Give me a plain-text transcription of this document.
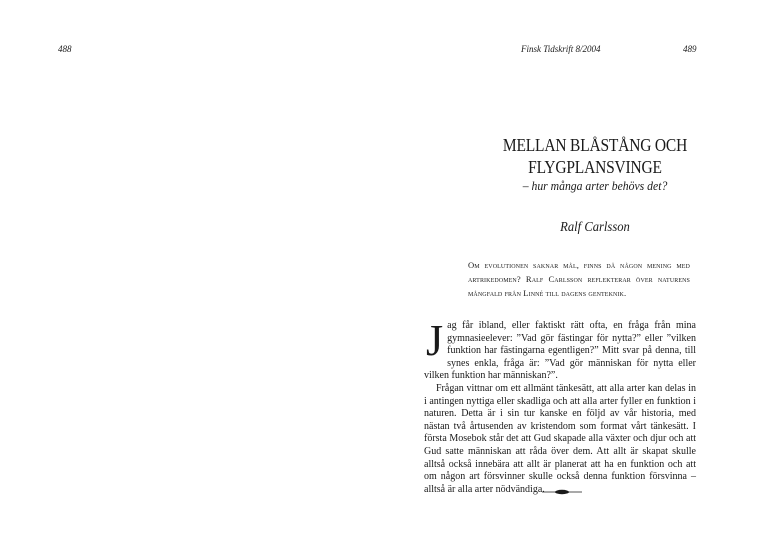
488	Finsk Tidskrift 8/2004	489
MELLAN BLÅSTÅNG OCH
FLYGPLANSVINGE
– hur många arter behövs det?
Ralf Carlsson
Om evolutionen saknar mål, finns då någon mening med artrikedomen? Ralf Carlsson reflekterar över naturens mångfald från Linné till dagens genteknik.

Jag får ibland, eller faktiskt rätt ofta, en fråga från mina gymnasieelever: ”Vad gör fästingar för nytta?” eller ”vilken funktion har fästingarna egentligen?” Mitt svar på denna, till synes enkla, fråga är: ”Vad gör människan för nytta eller vilken funktion har människan?”.

Frågan vittnar om ett allmänt tänkesätt, att alla arter kan delas in i antingen nyttiga eller skadliga och att alla arter fyller en funktion i naturen. Detta är i sin tur kanske en följd av vår historia, med nästan två årtusenden av kristendom som format vårt tänkesätt. I första Mosebok står det att Gud skapade alla växter och djur och att Gud satte människan att råda över dem. Att allt är skapat skulle alltså också innebära att allt är planerat att ha en funktion och att om någon art försvinner skulle också denna funktion försvinna – alltså är alla arter nödvändiga.
